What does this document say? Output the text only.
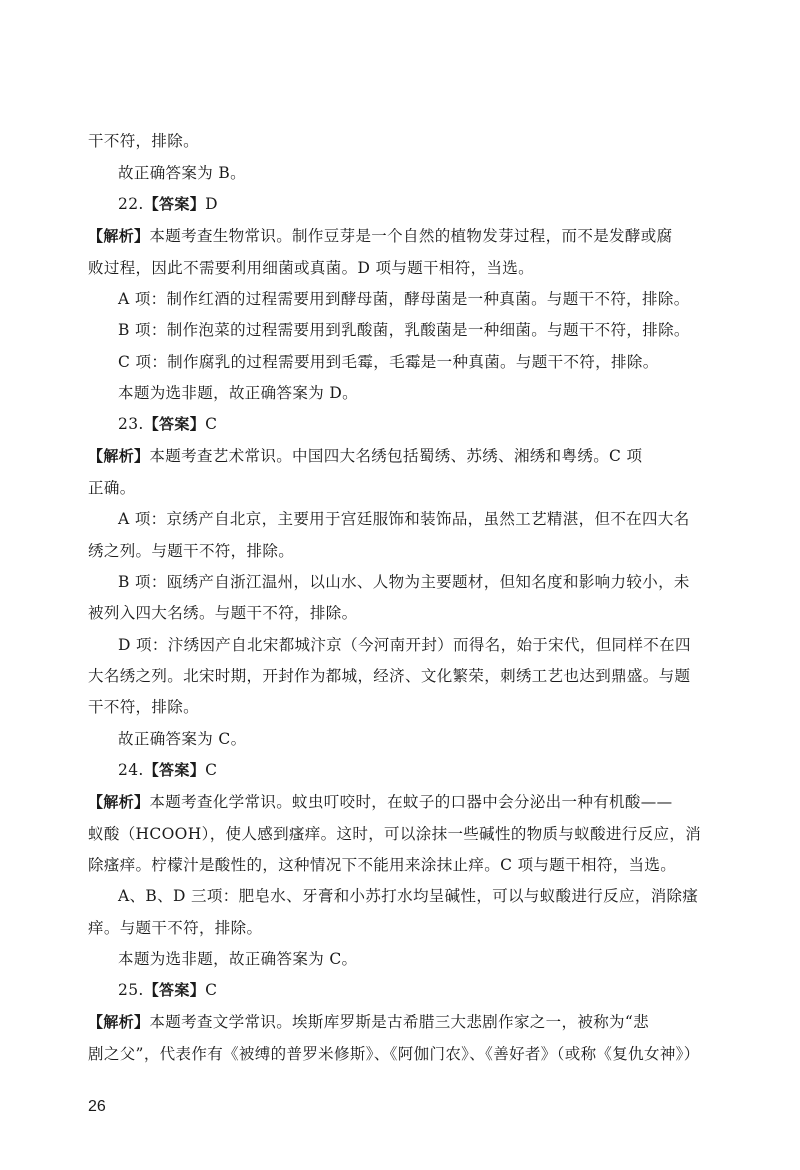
干不符，排除。
故正确答案为 B。
22.【答案】D
【解析】本题考查生物常识。制作豆芽是一个自然的植物发芽过程，而不是发酵或腐
败过程，因此不需要利用细菌或真菌。D 项与题干相符，当选。
A 项：制作红酒的过程需要用到酵母菌，酵母菌是一种真菌。与题干不符，排除。
B 项：制作泡菜的过程需要用到乳酸菌，乳酸菌是一种细菌。与题干不符，排除。
C 项：制作腐乳的过程需要用到毛霉，毛霉是一种真菌。与题干不符，排除。
本题为选非题，故正确答案为 D。
23.【答案】C
【解析】本题考查艺术常识。中国四大名绣包括蜀绣、苏绣、湘绣和粤绣。C 项
正确。
A 项：京绣产自北京，主要用于宫廷服饰和装饰品，虽然工艺精湛，但不在四大名
绣之列。与题干不符，排除。
B 项：瓯绣产自浙江温州，以山水、人物为主要题材，但知名度和影响力较小，未
被列入四大名绣。与题干不符，排除。
D 项：汴绣因产自北宋都城汴京（今河南开封）而得名，始于宋代，但同样不在四
大名绣之列。北宋时期，开封作为都城，经济、文化繁荣，刺绣工艺也达到鼎盛。与题
干不符，排除。
故正确答案为 C。
24.【答案】C
【解析】本题考查化学常识。蚊虫叮咬时，在蚊子的口器中会分泌出一种有机酸——
蚁酸（HCOOH），使人感到瘙痒。这时，可以涂抹一些碱性的物质与蚁酸进行反应，消
除瘙痒。柠檬汁是酸性的，这种情况下不能用来涂抹止痒。C 项与题干相符，当选。
A、B、D 三项：肥皂水、牙膏和小苏打水均呈碱性，可以与蚁酸进行反应，消除瘙
痒。与题干不符，排除。
本题为选非题，故正确答案为 C。
25.【答案】C
【解析】本题考查文学常识。埃斯库罗斯是古希腊三大悲剧作家之一，被称为“悲
剧之父”，代表作有《被缚的普罗米修斯》、《阿伽门农》、《善好者》（或称《复仇女神》）
26
